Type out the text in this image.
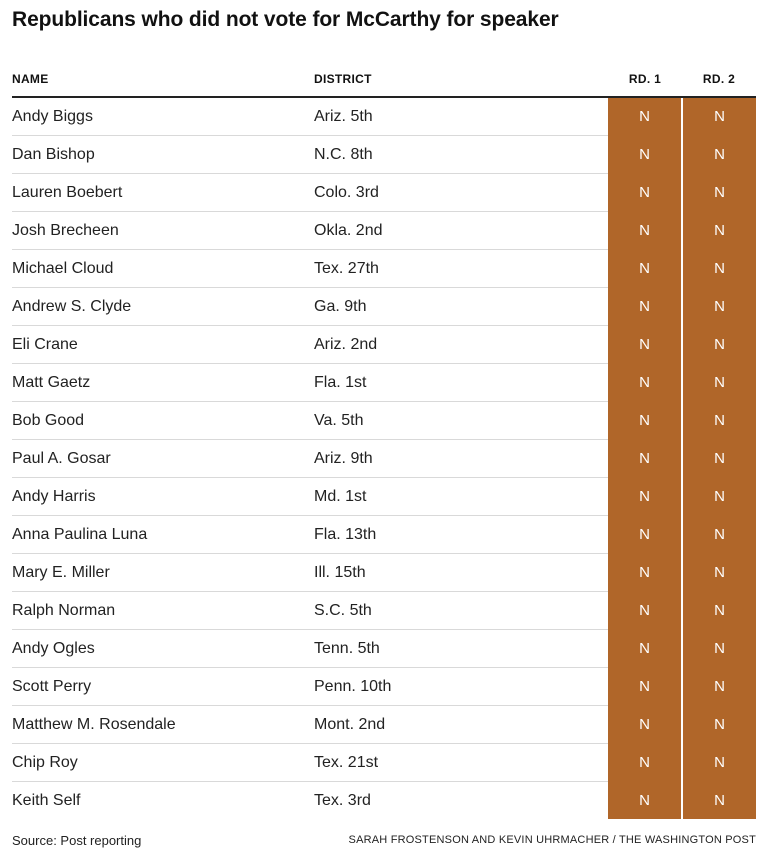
Republicans who did not vote for McCarthy for speaker
NAME	DISTRICT	RD. 1	RD. 2
Andy Biggs	Ariz. 5th	N	N
Dan Bishop	N.C. 8th	N	N
Lauren Boebert	Colo. 3rd	N	N
Josh Brecheen	Okla. 2nd	N	N
Michael Cloud	Tex. 27th	N	N
Andrew S. Clyde	Ga. 9th	N	N
Eli Crane	Ariz. 2nd	N	N
Matt Gaetz	Fla. 1st	N	N
Bob Good	Va. 5th	N	N
Paul A. Gosar	Ariz. 9th	N	N
Andy Harris	Md. 1st	N	N
Anna Paulina Luna	Fla. 13th	N	N
Mary E. Miller	Ill. 15th	N	N
Ralph Norman	S.C. 5th	N	N
Andy Ogles	Tenn. 5th	N	N
Scott Perry	Penn. 10th	N	N
Matthew M. Rosendale	Mont. 2nd	N	N
Chip Roy	Tex. 21st	N	N
Keith Self	Tex. 3rd	N	N
Source: Post reporting	SARAH FROSTENSON AND KEVIN UHRMACHER / THE WASHINGTON POST
